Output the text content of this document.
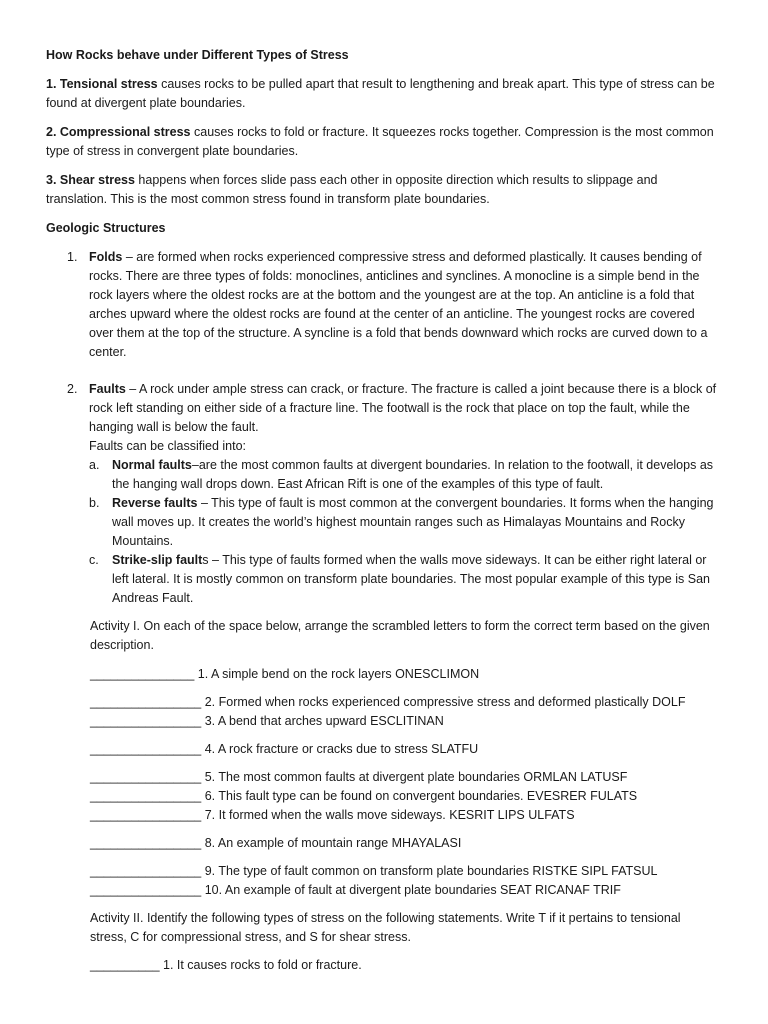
How Rocks behave under Different Types of Stress

1. Tensional stress causes rocks to be pulled apart that result to lengthening and break apart. This type of stress can be found at divergent plate boundaries.

2. Compressional stress causes rocks to fold or fracture. It squeezes rocks together. Compression is the most common type of stress in convergent plate boundaries.

3. Shear stress happens when forces slide pass each other in opposite direction which results to slippage and translation. This is the most common stress found in transform plate boundaries.

Geologic Structures

1. Folds – are formed when rocks experienced compressive stress and deformed plastically. It causes bending of rocks. There are three types of folds: monoclines, anticlines and synclines. A monocline is a simple bend in the rock layers where the oldest rocks are at the bottom and the youngest are at the top. An anticline is a fold that arches upward where the oldest rocks are found at the center of an anticline. The youngest rocks are covered over them at the top of the structure. A syncline is a fold that bends downward which rocks are curved down to a center.
2. Faults – A rock under ample stress can crack, or fracture. The fracture is called a joint because there is a block of rock left standing on either side of a fracture line. The footwall is the rock that place on top the fault, while the hanging wall is below the fault.

Faults can be classified into:

a.	Normal faults–are the most common faults at divergent boundaries. In relation to the footwall, it develops as the hanging wall drops down. East African Rift is one of the examples of this type of fault.
b.	Reverse faults – This type of fault is most common at the convergent boundaries. It forms when the hanging wall moves up. It creates the world’s highest mountain ranges such as Himalayas Mountains and Rocky Mountains.
c.	Strike-slip faults – This type of faults formed when the walls move sideways. It can be either right lateral or left lateral. It is mostly common on transform plate boundaries. The most popular example of this type is San Andreas Fault.

Activity I. On each of the space below, arrange the scrambled letters to form the correct term based on the given description.

_______________ 1. A simple bend on the rock layers ONESCLIMON

________________ 2. Formed when rocks experienced compressive stress and deformed plastically DOLF

________________ 3. A bend that arches upward ESCLITINAN

________________ 4. A rock fracture or cracks due to stress SLATFU

________________ 5. The most common faults at divergent plate boundaries ORMLAN LATUSF

________________ 6. This fault type can be found on convergent boundaries. EVESRER FULATS

________________ 7. It formed when the walls move sideways. KESRIT LIPS ULFATS

________________ 8. An example of mountain range MHAYALASI

________________ 9. The type of fault common on transform plate boundaries RISTKE SIPL FATSUL

________________ 10. An example of fault at divergent plate boundaries SEAT RICANAF TRIF

Activity II. Identify the following types of stress on the following statements. Write T if it pertains to tensional stress, C for compressional stress, and S for shear stress.

__________ 1. It causes rocks to fold or fracture.
